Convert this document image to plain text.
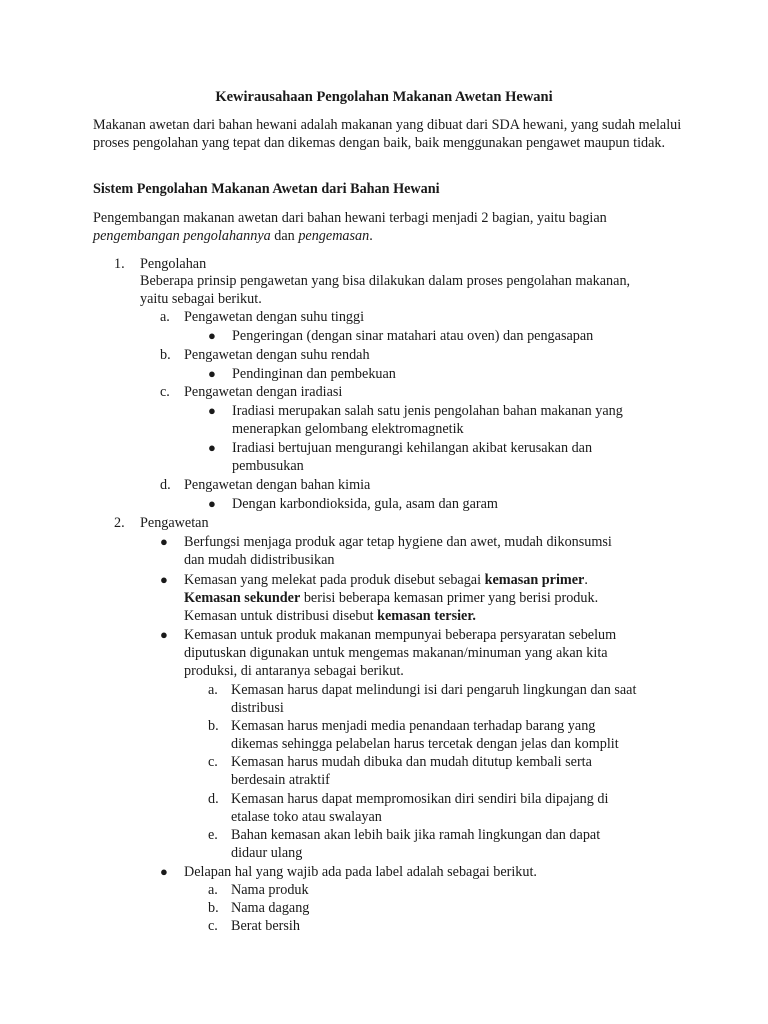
Kewirausahaan Pengolahan Makanan Awetan Hewani
Makanan awetan dari bahan hewani adalah makanan yang dibuat dari SDA hewani, yang sudah melalui proses pengolahan yang tepat dan dikemas dengan baik, baik menggunakan pengawet maupun tidak.
Sistem Pengolahan Makanan Awetan dari Bahan Hewani
Pengembangan makanan awetan dari bahan hewani terbagi menjadi 2 bagian, yaitu bagian
pengembangan pengolahannya dan pengemasan.
1. Pengolahan
Beberapa prinsip pengawetan yang bisa dilakukan dalam proses pengolahan makanan,
yaitu sebagai berikut.
a. Pengawetan dengan suhu tinggi
● Pengeringan (dengan sinar matahari atau oven) dan pengasapan
b. Pengawetan dengan suhu rendah
● Pendinginan dan pembekuan
c. Pengawetan dengan iradiasi
● Iradiasi merupakan salah satu jenis pengolahan bahan makanan yang
menerapkan gelombang elektromagnetik
● Iradiasi bertujuan mengurangi kehilangan akibat kerusakan dan
pembusukan
d. Pengawetan dengan bahan kimia
● Dengan karbondioksida, gula, asam dan garam
2. Pengawetan
● Berfungsi menjaga produk agar tetap hygiene dan awet, mudah dikonsumsi
dan mudah didistribusikan
● Kemasan yang melekat pada produk disebut sebagai kemasan primer.
Kemasan sekunder berisi beberapa kemasan primer yang berisi produk.
Kemasan untuk distribusi disebut kemasan tersier.
● Kemasan untuk produk makanan mempunyai beberapa persyaratan sebelum
diputuskan digunakan untuk mengemas makanan/minuman yang akan kita
produksi, di antaranya sebagai berikut.
a. Kemasan harus dapat melindungi isi dari pengaruh lingkungan dan saat
distribusi
b. Kemasan harus menjadi media penandaan terhadap barang yang
dikemas sehingga pelabelan harus tercetak dengan jelas dan komplit
c. Kemasan harus mudah dibuka dan mudah ditutup kembali serta
berdesain atraktif
d. Kemasan harus dapat mempromosikan diri sendiri bila dipajang di
etalase toko atau swalayan
e. Bahan kemasan akan lebih baik jika ramah lingkungan dan dapat
didaur ulang
● Delapan hal yang wajib ada pada label adalah sebagai berikut.
a. Nama produk
b. Nama dagang
c. Berat bersih
